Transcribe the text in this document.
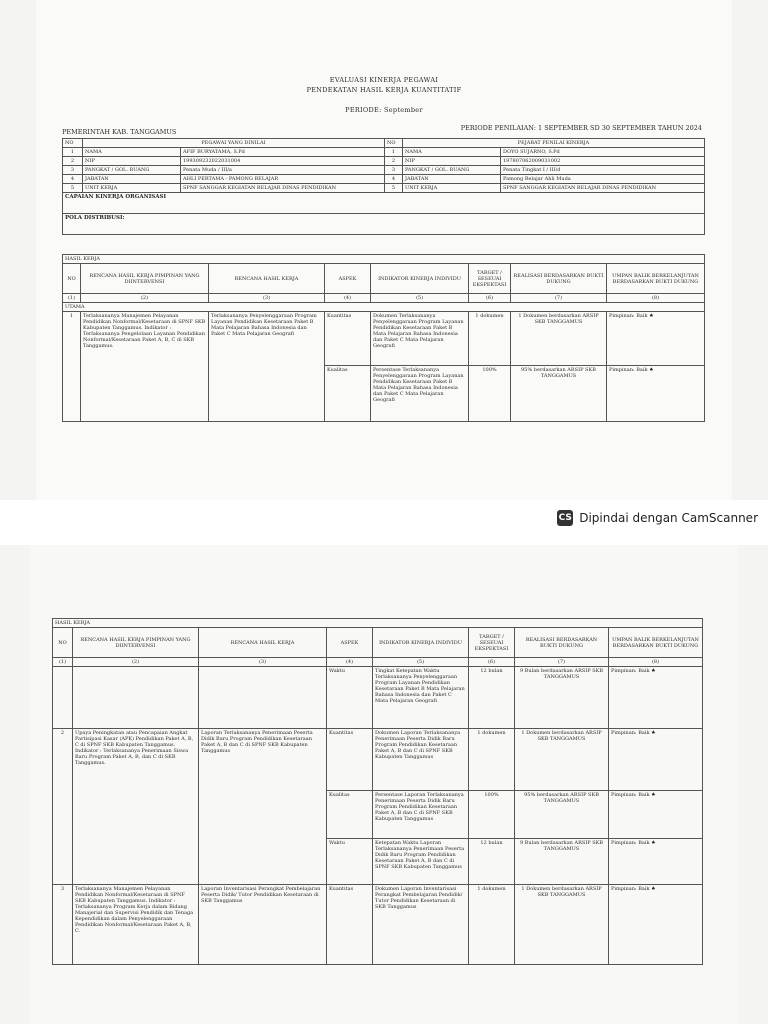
EVALUASI KINERJA PEGAWAI
PENDEKATAN HASIL KERJA KUANTITATIF
PERIODE: September
PEMERINTAH KAB. TANGGAMUS	PERIODE PENILAIAN: 1 SEPTEMBER SD 30 SEPTEMBER TAHUN 2024
NO	PEGAWAI YANG DINILAI		NO	PEJABAT PENILAI KINERJA	
1	NAMA	AFIF BURYATAMA, S.Pd	1	NAMA	DOYO SUJARNO, S.Pd
2	NIP	199309232022031004	2	NIP	197807062009031002
3	PANGKAT / GOL. RUANG	Penata Muda / III/a	3	PANGKAT / GOL. RUANG	Penata Tingkat I / III/d
4	JABATAN	AHLI PERTAMA - PAMONG BELAJAR	4	JABATAN	Pamong Belajar Ahli Muda
5	UNIT KERJA	SPNF SANGGAR KEGIATAN BELAJAR DINAS PENDIDIKAN	5	UNIT KERJA	SPNF SANGGAR KEGIATAN BELAJAR DINAS PENDIDIKAN
CAPAIAN KINERJA ORGANISASI					
POLA DISTRIBUSI:					
HASIL KERJA							
NO	RENCANA HASIL KERJA PIMPINAN YANG DIINTERVENSI	RENCANA HASIL KERJA	ASPEK	INDIKATOR KINERJA INDIVIDU	TARGET / SESEUAI EKSPEKTASI	REALISASI BERDASARKAN BUKTI DUKUNG	UMPAN BALIK BERKELANJUTAN BERDASARKAN BUKTI DUKUNG
(1)	(2)	(3)	(4)	(5)	(6)	(7)	(8)
UTAMA							
1	Terlaksananya Manajemen Pelayanan Pendidikan Nonformal/Kesetaraan di SPNF SKB Kabupaten Tanggamus. Indikator : Terlaksananya Pengelolaan Layanan Pendidikan Nonformal/Kesetaraan Paket A, B, C di SKB Tanggamus.	Terlaksananya Penyelenggaraan Program Layanan Pendidikan Kesetaraan Paket B Mata Pelajaran Bahasa Indonesia dan Paket C Mata Pelajaran Geografi	Kuantitas	Dokumen Terlaksananya Penyelenggaraan Program Layanan Pendidikan Kesetaraan Paket B Mata Pelajaran Bahasa Indonesia dan Paket C Mata Pelajaran Geografi	1 dokumen	1 Dokumen berdasarkan ARSIP SKB TANGGAMUS	Pimpinan: Baik ♠
			Kualitas	Persentase Terlaksananya Penyelenggaraan Program Layanan Pendidikan Kesetaraan Paket B Mata Pelajaran Bahasa Indonesia dan Paket C Mata Pelajaran Geografi	100%	95% berdasarkan ARSIP SKB TANGGAMUS	Pimpinan: Baik ♠
CS Dipindai dengan CamScanner
HASIL KERJA							
NO	RENCANA HASIL KERJA PIMPINAN YANG DIINTERVENSI	RENCANA HASIL KERJA	ASPEK	INDIKATOR KINERJA INDIVIDU	TARGET / SESEUAI EKSPEKTASI	REALISASI BERDASARKAN BUKTI DUKUNG	UMPAN BALIK BERKELANJUTAN BERDASARKAN BUKTI DUKUNG
(1)	(2)	(3)	(4)	(5)	(6)	(7)	(8)
			Waktu	Tingkat Ketepatan Waktu Terlaksananya Penyelenggaraan Program Layanan Pendidikan Kesetaraan Paket B Mata Pelajaran Bahasa Indonesia dan Paket C Mata Pelajaran Geografi	12 bulan	9 Bulan berdasarkan ARSIP SKB TANGGAMUS	Pimpinan: Baik ♠
2	Upaya Peningkatan atau Pencapaian Angkat Partisipasi Kasar (APK) Pendidikan Paket A, B, C di SPNF SKB Kabupaten Tanggamus. Indikator : Terlaksananya Penerimaan Siswa Baru Program Paket A, B, dan C di SKB Tanggamus.	Laporan Terlaksananya Penerimaan Peserta Didik Baru Program Pendidikan Kesetaraan Paket A, B dan C di SPNF SKB Kabupaten Tanggamus	Kuantitas	Dokumen Laporan Terlaksananya Penerimaan Peserta Didik Baru Program Pendidikan Kesetaraan Paket A, B dan C di SPNF SKB Kabupaten Tanggamus	1 dokumen	1 Dokumen berdasarkan ARSIP SKB TANGGAMUS	Pimpinan: Baik ♠
			Kualitas	Persentase Laporan Terlaksananya Penerimaan Peserta Didik Baru Program Pendidikan Kesetaraan Paket A, B dan C di SPNF SKB Kabupaten Tanggamus	100%	95% berdasarkan ARSIP SKB TANGGAMUS	Pimpinan: Baik ♠
			Waktu	Ketepatan Waktu Laporan Terlaksananya Penerimaan Peserta Didik Baru Program Pendidikan Kesetaraan Paket A, B dan C di SPNF SKB Kabupaten Tanggamus	12 bulan	9 Bulan berdasarkan ARSIP SKB TANGGAMUS	Pimpinan: Baik ♠
3	Terlaksananya Manajemen Pelayanan Pendidikan Nonformal/Kesetaraan di SPNF SKB Kabupaten Tanggamus. Indikator : Terlaksananya Program Kerja dalam Bidang Manajerial dan Supervisi Pendidik dan Tenaga Kependidikan dalam Penyelenggaraan Pendidikan Nonformal/Kesetaraan Paket A, B, C.	Laporan Inventarisasi Perangkat Pembelajaran Peserta Didik/ Tutor Pendidikan Kesetaraan di SKB Tanggamus	Kuantitas	Dokumen Laporan Inventarisasi Perangkat Pembelajaran Pendidik/ Tutor Pendidikan Kesetaraan di SKB Tanggamus	1 dokumen	1 Dokumen berdasarkan ARSIP SKB TANGGAMUS	Pimpinan: Baik ♠
